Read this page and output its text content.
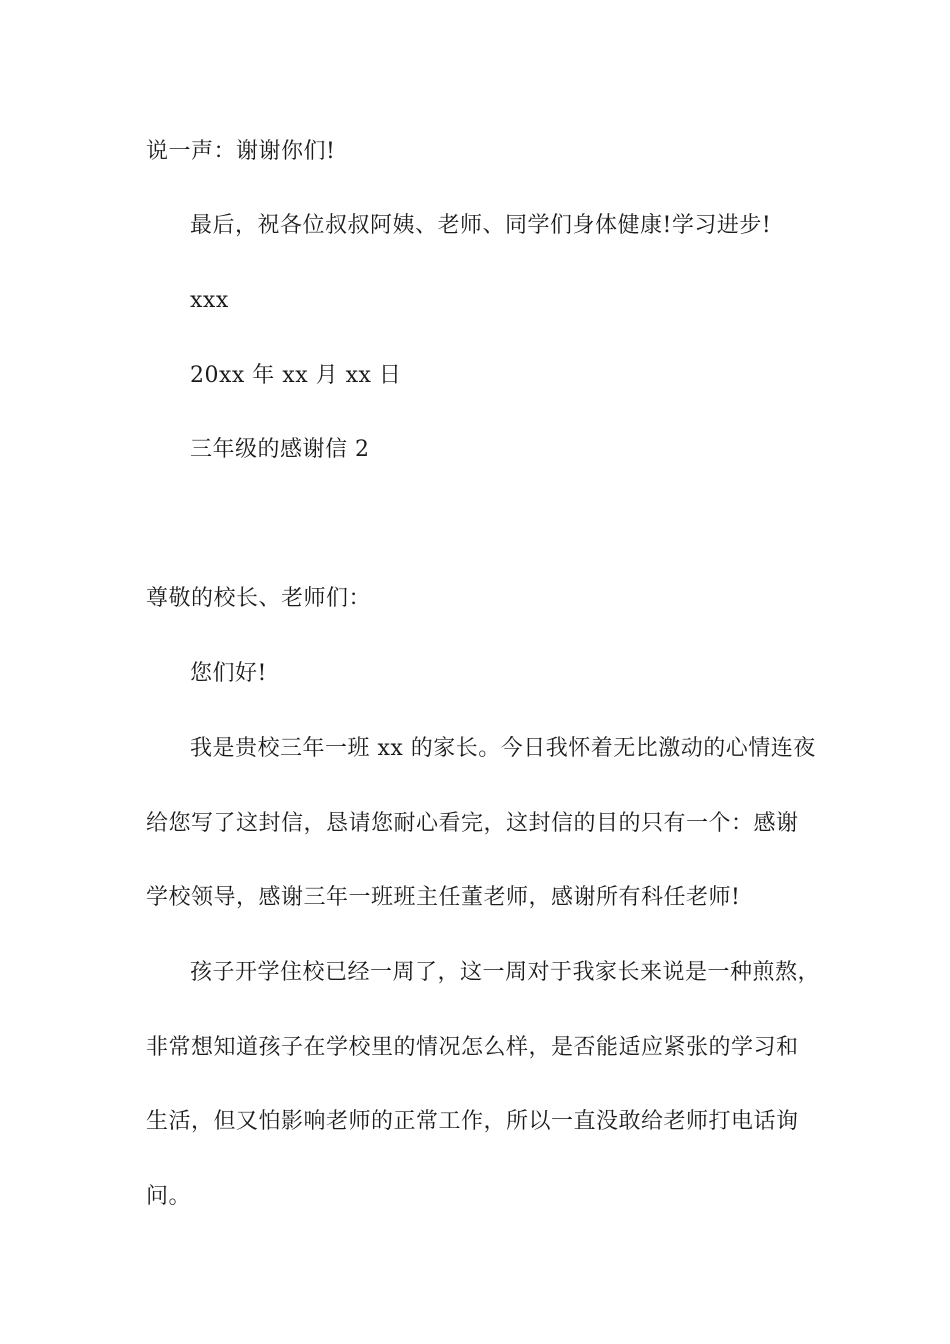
说一声：谢谢你们!
最后，祝各位叔叔阿姨、老师、同学们身体健康!学习进步!
xxx
20xx 年 xx 月 xx 日
三年级的感谢信 2
尊敬的校长、老师们：
您们好!
我是贵校三年一班 xx 的家长。今日我怀着无比激动的心情连夜
给您写了这封信，恳请您耐心看完，这封信的目的只有一个：感谢
学校领导，感谢三年一班班主任董老师，感谢所有科任老师!
孩子开学住校已经一周了，这一周对于我家长来说是一种煎熬，
非常想知道孩子在学校里的情况怎么样，是否能适应紧张的学习和
生活，但又怕影响老师的正常工作，所以一直没敢给老师打电话询
问。
